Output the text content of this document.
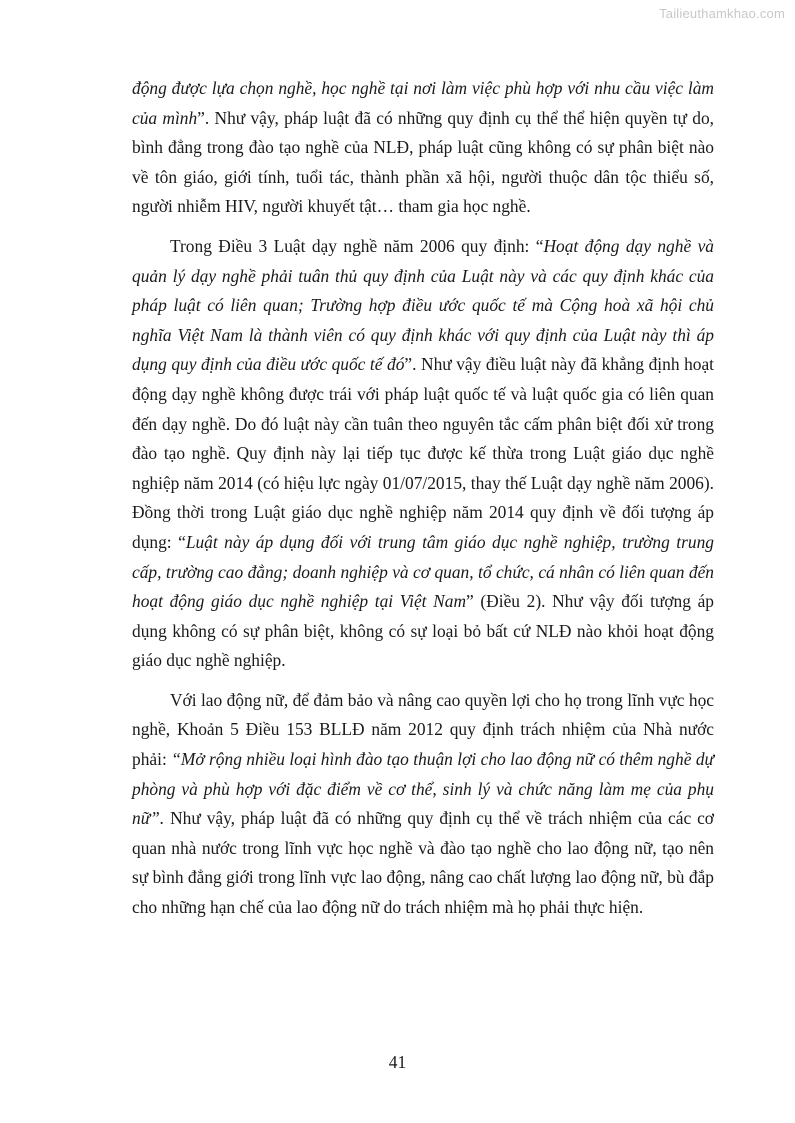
Tailieuthamkhao.com

động được lựa chọn nghề, học nghề tại nơi làm việc phù hợp với nhu cầu việc làm của mình”. Như vậy, pháp luật đã có những quy định cụ thể thể hiện quyền tự do, bình đẳng trong đào tạo nghề của NLĐ, pháp luật cũng không có sự phân biệt nào về tôn giáo, giới tính, tuổi tác, thành phần xã hội, người thuộc dân tộc thiểu số, người nhiễm HIV, người khuyết tật… tham gia học nghề.

Trong Điều 3 Luật dạy nghề năm 2006 quy định: “Hoạt động dạy nghề và quản lý dạy nghề phải tuân thủ quy định của Luật này và các quy định khác của pháp luật có liên quan; Trường hợp điều ước quốc tế mà Cộng hoà xã hội chủ nghĩa Việt Nam là thành viên có quy định khác với quy định của Luật này thì áp dụng quy định của điều ước quốc tế đó”. Như vậy điều luật này đã khẳng định hoạt động dạy nghề không được trái với pháp luật quốc tế và luật quốc gia có liên quan đến dạy nghề. Do đó luật này cần tuân theo nguyên tắc cấm phân biệt đối xử trong đào tạo nghề. Quy định này lại tiếp tục được kế thừa trong Luật giáo dục nghề nghiệp năm 2014 (có hiệu lực ngày 01/07/2015, thay thế Luật dạy nghề năm 2006). Đồng thời trong Luật giáo dục nghề nghiệp năm 2014 quy định về đối tượng áp dụng: “Luật này áp dụng đối với trung tâm giáo dục nghề nghiệp, trường trung cấp, trường cao đẳng; doanh nghiệp và cơ quan, tổ chức, cá nhân có liên quan đến hoạt động giáo dục nghề nghiệp tại Việt Nam” (Điều 2). Như vậy đối tượng áp dụng không có sự phân biệt, không có sự loại bỏ bất cứ NLĐ nào khỏi hoạt động giáo dục nghề nghiệp.

Với lao động nữ, để đảm bảo và nâng cao quyền lợi cho họ trong lĩnh vực học nghề, Khoản 5 Điều 153 BLLĐ năm 2012 quy định trách nhiệm của Nhà nước phải: “Mở rộng nhiều loại hình đào tạo thuận lợi cho lao động nữ có thêm nghề dự phòng và phù hợp với đặc điểm về cơ thể, sinh lý và chức năng làm mẹ của phụ nữ”. Như vậy, pháp luật đã có những quy định cụ thể về trách nhiệm của các cơ quan nhà nước trong lĩnh vực học nghề và đào tạo nghề cho lao động nữ, tạo nên sự bình đẳng giới trong lĩnh vực lao động, nâng cao chất lượng lao động nữ, bù đắp cho những hạn chế của lao động nữ do trách nhiệm mà họ phải thực hiện.

41
